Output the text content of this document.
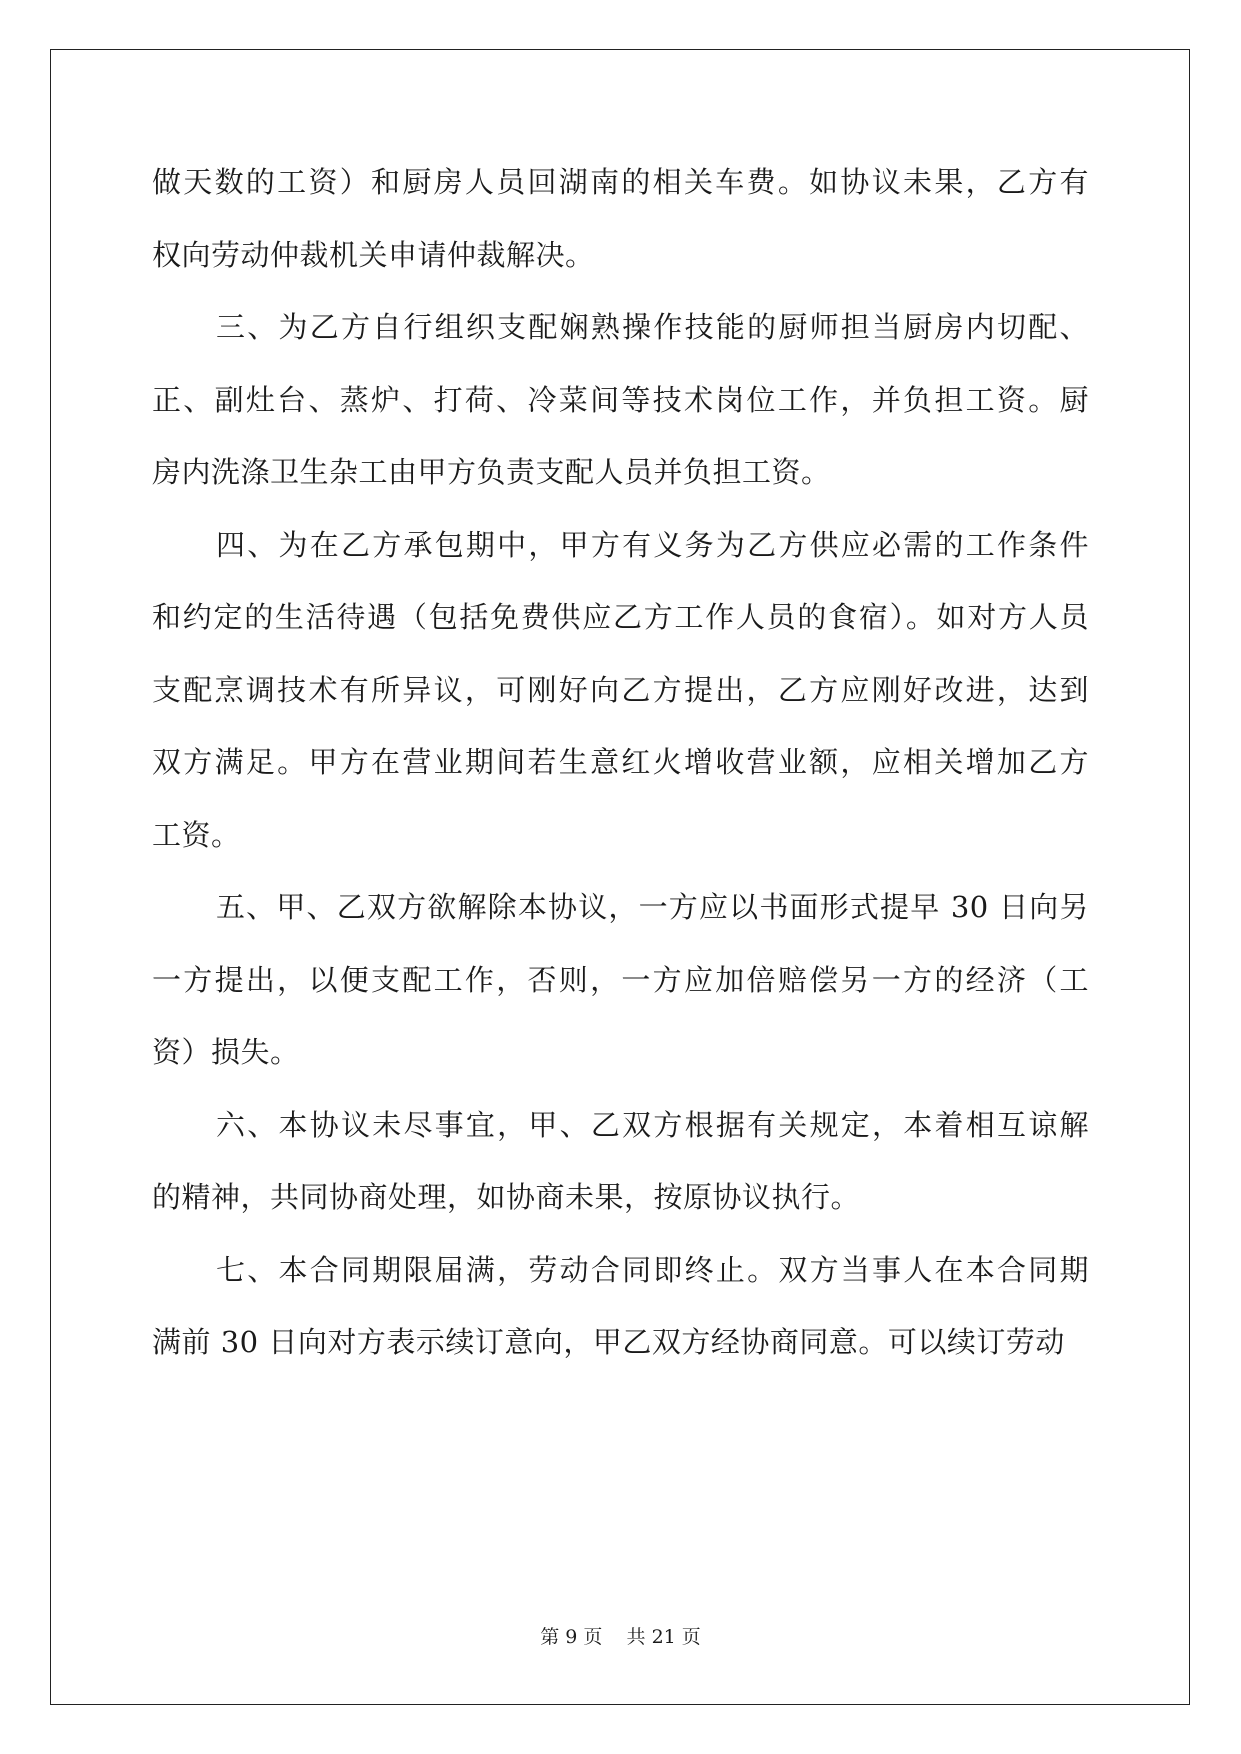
做天数的工资）和厨房人员回湖南的相关车费。如协议未果，乙方有
权向劳动仲裁机关申请仲裁解决。
三、为乙方自行组织支配娴熟操作技能的厨师担当厨房内切配、
正、副灶台、蒸炉、打荷、冷菜间等技术岗位工作，并负担工资。厨
房内洗涤卫生杂工由甲方负责支配人员并负担工资。
四、为在乙方承包期中，甲方有义务为乙方供应必需的工作条件
和约定的生活待遇（包括免费供应乙方工作人员的食宿）。如对方人员
支配烹调技术有所异议，可刚好向乙方提出，乙方应刚好改进，达到
双方满足。甲方在营业期间若生意红火增收营业额，应相关增加乙方
工资。
五、甲、乙双方欲解除本协议，一方应以书面形式提早 30 日向另
一方提出，以便支配工作，否则，一方应加倍赔偿另一方的经济（工
资）损失。
六、本协议未尽事宜，甲、乙双方根据有关规定，本着相互谅解
的精神，共同协商处理，如协商未果，按原协议执行。
七、本合同期限届满，劳动合同即终止。双方当事人在本合同期
满前 30 日向对方表示续订意向，甲乙双方经协商同意。可以续订劳动
第 9 页    共 21 页
